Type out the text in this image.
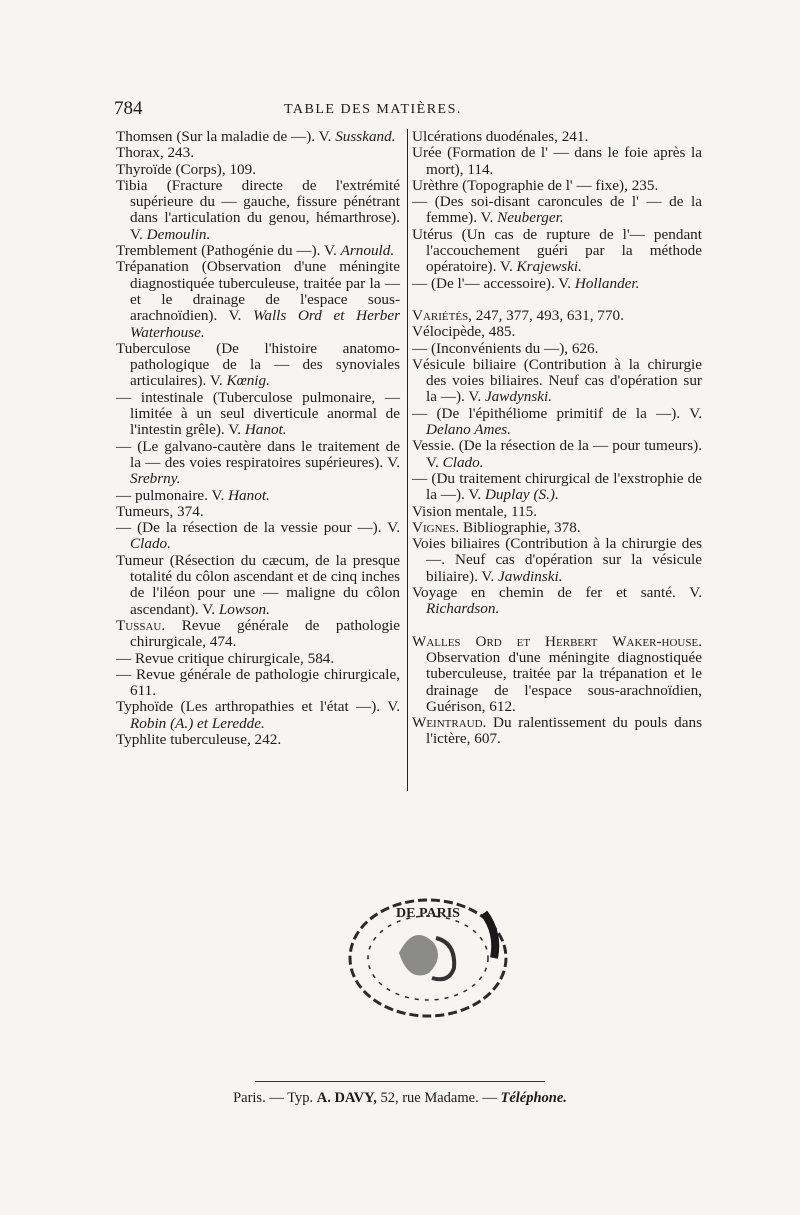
784	TABLE DES MATIÈRES.

Thomsen (Sur la maladie de —). V. Susskand.

Thorax, 243.

Thyroïde (Corps), 109.

Tibia (Fracture directe de l'extrémité supérieure du — gauche, fissure pénétrant dans l'articulation du genou, hémarthrose). V. Demoulin.

Tremblement (Pathogénie du —). V. Arnould.

Trépanation (Observation d'une méningite diagnostiquée tuberculeuse, traitée par la — et le drainage de l'espace sous-arachnoïdien). V. Walls Ord et Herber Waterhouse.

Tuberculose (De l'histoire anatomo-pathologique de la — des synoviales articulaires). V. Kœnig.

— intestinale (Tuberculose pulmonaire, — limitée à un seul diverticule anormal de l'intestin grêle). V. Hanot.

— (Le galvano-cautère dans le traitement de la — des voies respiratoires supérieures). V. Srebrny.

— pulmonaire. V. Hanot.

Tumeurs, 374.

— (De la résection de la vessie pour —). V. Clado.

Tumeur (Résection du cæcum, de la presque totalité du côlon ascendant et de cinq inches de l'iléon pour une — maligne du côlon ascendant). V. Lowson.

Tussau. Revue générale de pathologie chirurgicale, 474.

— Revue critique chirurgicale, 584.

— Revue générale de pathologie chirurgicale, 611.

Typhoïde (Les arthropathies et l'état —). V. Robin (A.) et Leredde.

Typhlite tuberculeuse, 242.

Ulcérations duodénales, 241.

Urée (Formation de l' — dans le foie après la mort), 114.

Urèthre (Topographie de l' — fixe), 235.

— (Des soi-disant caroncules de l' — de la femme). V. Neuberger.

Utérus (Un cas de rupture de l'— pendant l'accouchement guéri par la méthode opératoire). V. Krajewski.

— (De l'— accessoire). V. Hollander.

Variétés, 247, 377, 493, 631, 770.

Vélocipède, 485.

— (Inconvénients du —), 626.

Vésicule biliaire (Contribution à la chirurgie des voies biliaires. Neuf cas d'opération sur la —). V. Jawdynski.

— (De l'épithéliome primitif de la —). V. Delano Ames.

Vessie. (De la résection de la — pour tumeurs). V. Clado.

— (Du traitement chirurgical de l'exstrophie de la —). V. Duplay (S.).

Vision mentale, 115.

Vignes. Bibliographie, 378.

Voies biliaires (Contribution à la chirurgie des —. Neuf cas d'opération sur la vésicule biliaire). V. Jawdinski.

Voyage en chemin de fer et santé. V. Richardson.

Walles Ord et Herbert Waker-house. Observation d'une méningite diagnostiquée tuberculeuse, traitée par la trépanation et le drainage de l'espace sous-arachnoïdien, Guérison, 612.

Weintraud. Du ralentissement du pouls dans l'ictère, 607.

DE PARIS
Paris. — Typ. A. DAVY, 52, rue Madame. — Téléphone.
